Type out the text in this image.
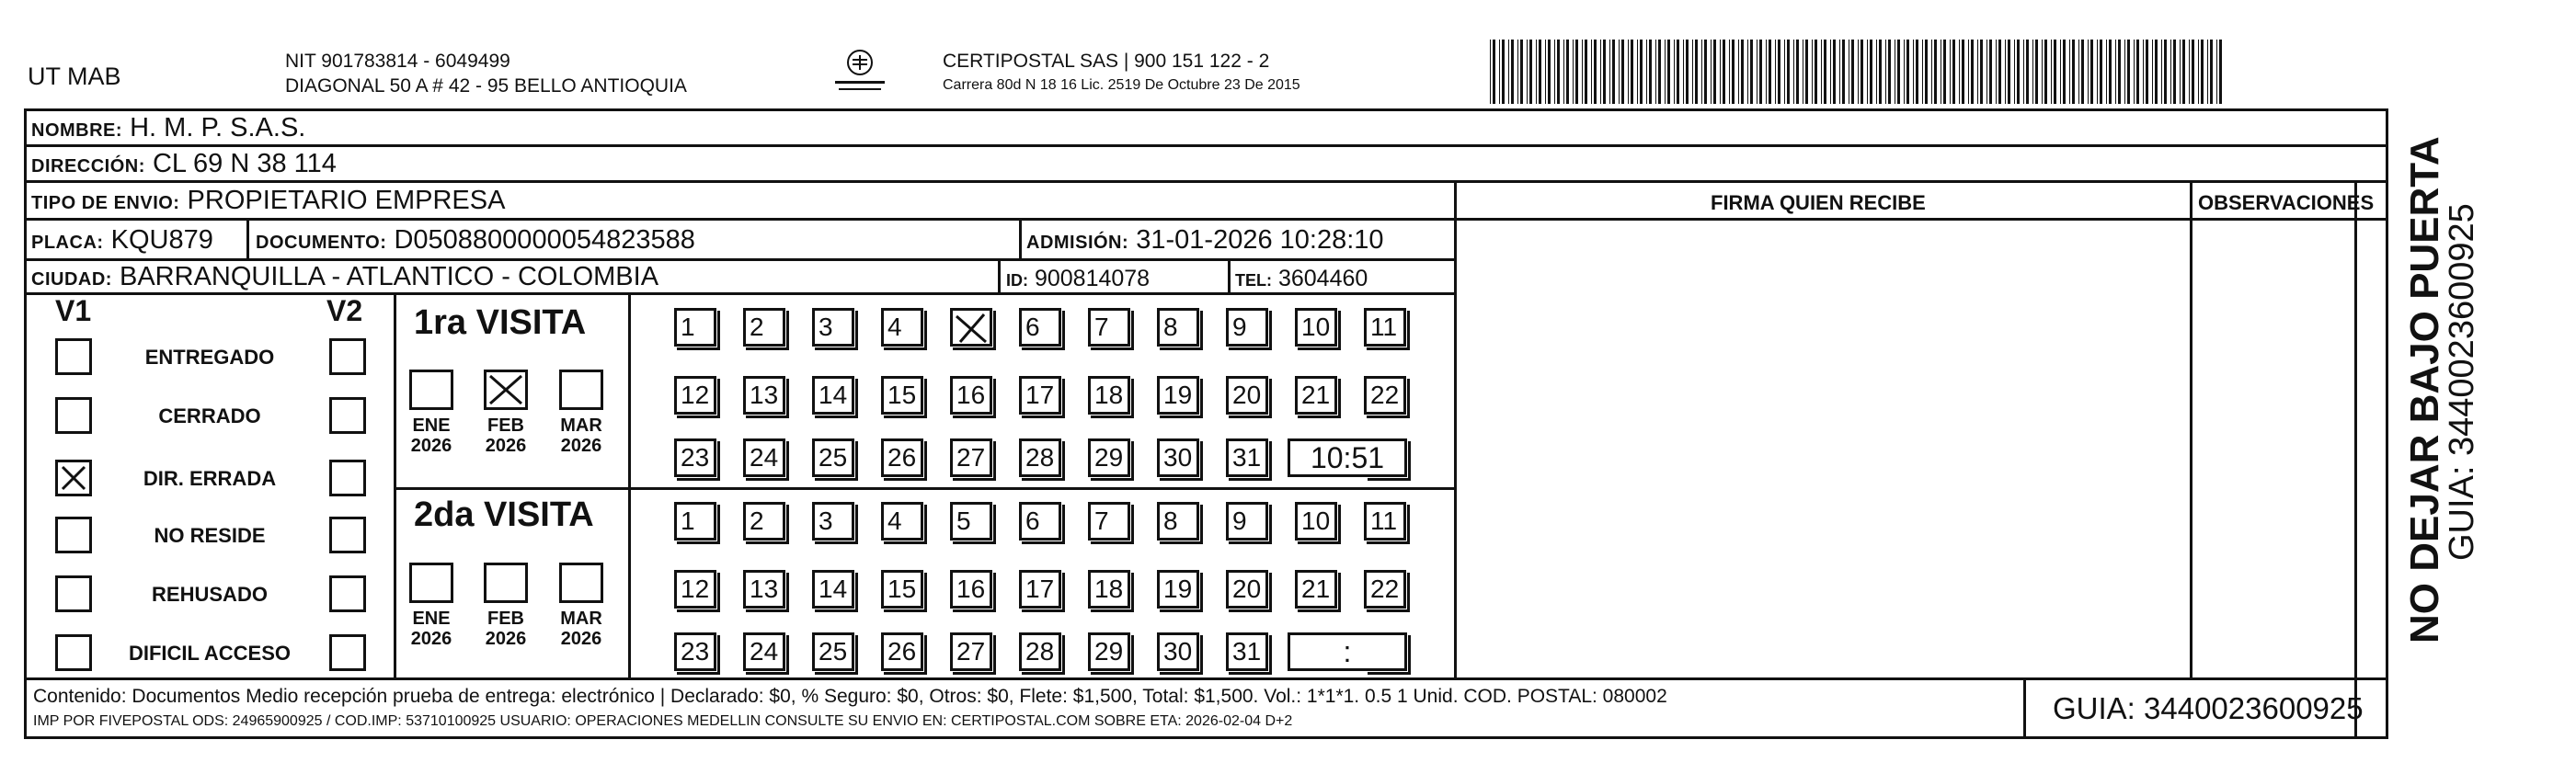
UT MAB
NIT 901783814 - 6049499
DIAGONAL 50 A # 42 - 95 BELLO ANTIOQUIA
CERTIPOSTAL SAS | 900 151 122 - 2
Carrera 80d N 18 16 Lic. 2519 De Octubre 23 De 2015
NOMBRE: H. M. P. S.A.S.
DIRECCIÓN: CL 69 N 38 114
TIPO DE ENVIO: PROPIETARIO EMPRESA
PLACA: KQU879 DOCUMENTO: D0508800000054823588	ADMISIÓN: 31-01-2026 10:28:10
CIUDAD: BARRANQUILLA - ATLANTICO - COLOMBIA	ID: 900814078	TEL: 3604460
FIRMA QUIEN RECIBE	OBSERVACIONES
V1	V2
ENTREGADO
CERRADO
DIR. ERRADA
NO RESIDE
REHUSADO
DIFICIL ACCESO
1ra VISITA
ENE
2026
FEB
2026
MAR
2026
1	2	3	4	6	7	8	9	10 11
12 13 14 15 16 17 18 19 20 21 22
23 24 25 26 27 28 29 30 31	10:51
2da VISITA
ENE
2026
FEB
2026
MAR
2026
1	2	3	4	5	6	7	8	9	10 11
12 13 14 15 16 17 18 19 20 21 22
23 24 25 26 27 28 29 30 31	:
Contenido: Documentos Medio recepción prueba de entrega: electrónico | Declarado: $0, % Seguro: $0, Otros: $0, Flete: $1,500, Total: $1,500. Vol.: 1*1*1. 0.5 1 Unid. COD. POSTAL: 080002
IMP POR FIVEPOSTAL ODS: 24965900925 / COD.IMP: 53710100925 USUARIO: OPERACIONES MEDELLIN CONSULTE SU ENVIO EN: CERTIPOSTAL.COM SOBRE ETA: 2026-02-04 D+2	GUIA: 3440023600925
NO DEJAR BAJO PUERTA
GUIA: 3440023600925
